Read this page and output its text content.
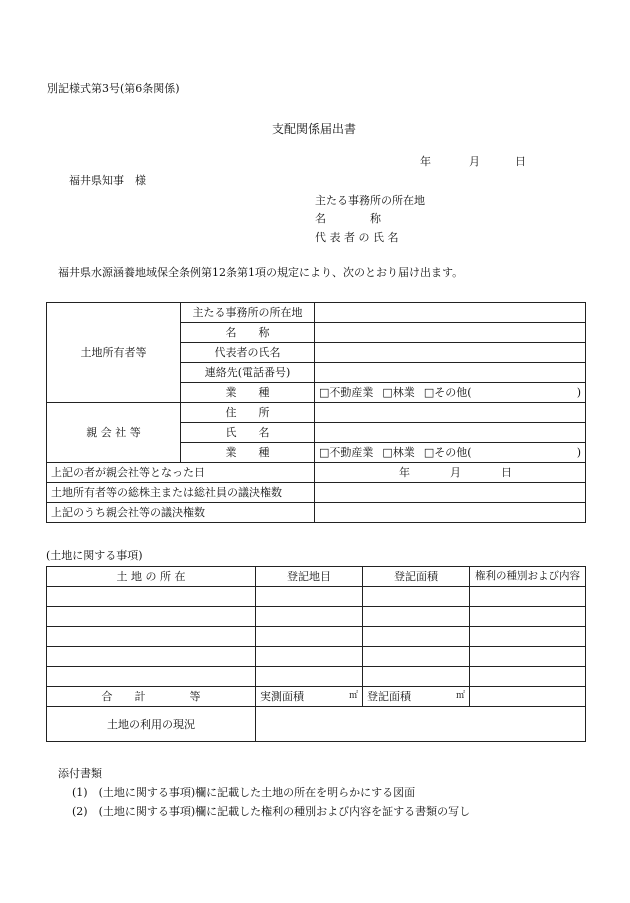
別記様式第3号(第6条関係)
支配関係届出書
年	月	日
福井県知事　様
主たる事務所の所在地
名　　　　称
代 表 者 の 氏 名
福井県水源涵養地域保全条例第12条第1項の規定により、次のとおり届け出ます。
土地所有者等	主たる事務所の所在地	
	名　　称	
	代表者の氏名	
	連絡先(電話番号)	
	業　　種	□不動産業 □林業 □その他( )

親 会 社 等	住　　所	
	氏　　名	
	業　　種	□不動産業 □林業 □その他( )

上記の者が親会社等となった日		年 月 日

土地所有者等の総株主または総社員の議決権数		
上記のうち親会社等の議決権数		
(土地に関する事項)
土 地 の 所 在	登記地目	登記面積	権利の種別および内容

合　　計　　　　等	実測面積 ㎡	登記面積 ㎡	

土地の利用の現況			
添付書類
(1)　(土地に関する事項)欄に記載した土地の所在を明らかにする図面
(2)　(土地に関する事項)欄に記載した権利の種別および内容を証する書類の写し
